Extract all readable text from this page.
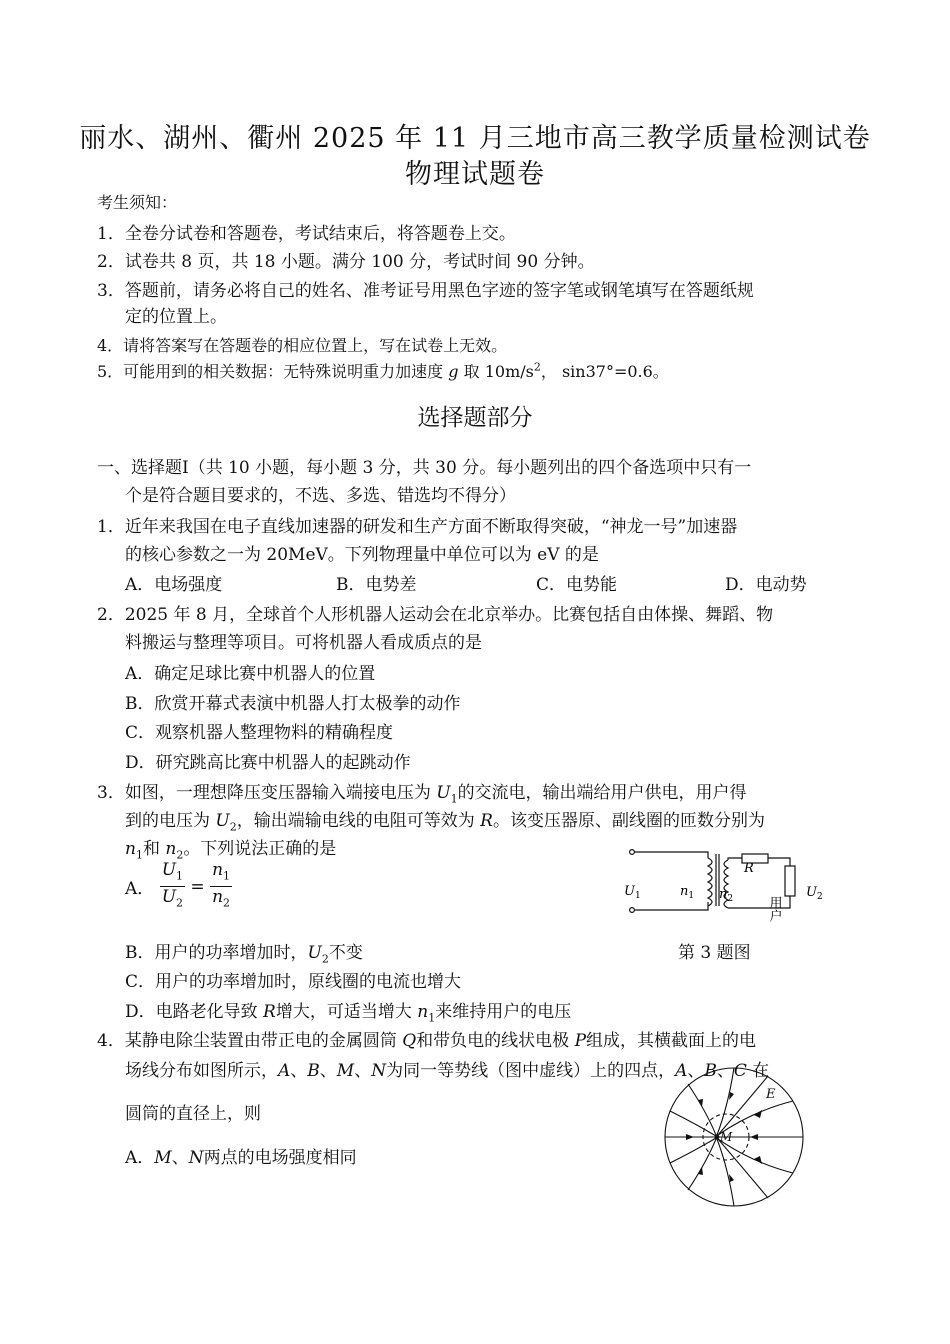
丽水、湖州、衢州 2025 年 11 月三地市高三教学质量检测试卷
物理试题卷
考生须知：
1．全卷分试卷和答题卷，考试结束后，将答题卷上交。
2．试卷共 8 页，共 18 小题。满分 100 分，考试时间 90 分钟。
3．答题前，请务必将自己的姓名、准考证号用黑色字迹的签字笔或钢笔填写在答题纸规
定的位置上。
4．请将答案写在答题卷的相应位置上，写在试卷上无效。
5．可能用到的相关数据：无特殊说明重力加速度 g 取 $10m/s^2$， sin37°=0.6。
选择题部分
一、选择题Ⅰ（共 10 小题，每小题 3 分，共 30 分。每小题列出的四个备选项中只有一
个是符合题目要求的，不选、多选、错选均不得分）
1．近年来我国在电子直线加速器的研发和生产方面不断取得突破，“神龙一号”加速器
的核心参数之一为 20MeV。下列物理量中单位可以为 eV 的是
A．电场强度	B．电势差	C．电势能	D．电动势
2．2025 年 8 月，全球首个人形机器人运动会在北京举办。比赛包括自由体操、舞蹈、物
料搬运与整理等项目。可将机器人看成质点的是
A．确定足球比赛中机器人的位置
B．欣赏开幕式表演中机器人打太极拳的动作
C．观察机器人整理物料的精确程度
D．研究跳高比赛中机器人的起跳动作
3．如图，一理想降压变压器输入端接电压为 $U_1$的交流电，输出端给用户供电，用户得
到的电压为 $U_2$，输出端输电线的电阻可等效为 R。该变压器原、副线圈的匝数分别为
$n_1$和 $n_2$。下列说法正确的是
A． $\frac{U_1}{U_2} = \frac{n_1}{n_2}$
B．用户的功率增加时，$U_2$不变
C．用户的功率增加时，原线圈的电流也增大
D．电路老化导致 R增大，可适当增大 $n_1$来维持用户的电压
$U_1$	$n_1$ $n_2$
R
用户
$U_2$
第 3 题图
4．某静电除尘装置由带正电的金属圆筒 Q和带负电的线状电极 P组成，其横截面上的电
场线分布如图所示，A、B、M、N为同一等势线（图中虚线）上的四点，A、B、C 在
圆筒的直径上，则
A．M、N两点的电场强度相同
E
M
